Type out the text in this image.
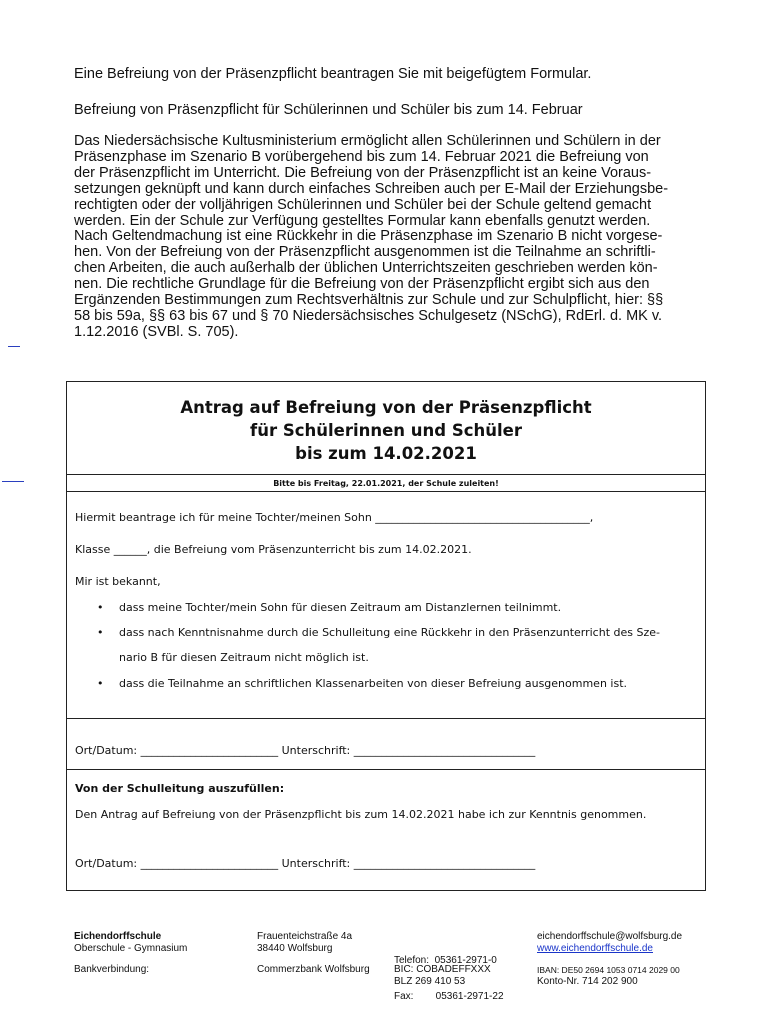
Eine Befreiung von der Präsenzpflicht beantragen Sie mit beigefügtem Formular.
Befreiung von Präsenzpflicht für Schülerinnen und Schüler bis zum 14. Februar
Das Niedersächsische Kultusministerium ermöglicht allen Schülerinnen und Schülern in der
Präsenzphase im Szenario B vorübergehend bis zum 14. Februar 2021 die Befreiung von
der Präsenzpflicht im Unterricht. Die Befreiung von der Präsenzpflicht ist an keine Voraus-
setzungen geknüpft und kann durch einfaches Schreiben auch per E-Mail der Erziehungsbe-
rechtigten oder der volljährigen Schülerinnen und Schüler bei der Schule geltend gemacht
werden. Ein der Schule zur Verfügung gestelltes Formular kann ebenfalls genutzt werden.
Nach Geltendmachung ist eine Rückkehr in die Präsenzphase im Szenario B nicht vorgese-
hen. Von der Befreiung von der Präsenzpflicht ausgenommen ist die Teilnahme an schriftli-
chen Arbeiten, die auch außerhalb der üblichen Unterrichtszeiten geschrieben werden kön-
nen. Die rechtliche Grundlage für die Befreiung von der Präsenzpflicht ergibt sich aus den
Ergänzenden Bestimmungen zum Rechtsverhältnis zur Schule und zur Schulpflicht, hier: §§
58 bis 59a, §§ 63 bis 67 und § 70 Niedersächsisches Schulgesetz (NSchG), RdErl. d. MK v.
1.12.2016 (SVBl. S. 705).
Antrag auf Befreiung von der Präsenzpflicht
für Schülerinnen und Schüler
bis zum 14.02.2021
Bitte bis Freitag, 22.01.2021, der Schule zuleiten!
Hiermit beantrage ich für meine Tochter/meinen Sohn _______________________________________,
Klasse ______, die Befreiung vom Präsenzunterricht bis zum 14.02.2021.
Mir ist bekannt,
• dass meine Tochter/mein Sohn für diesen Zeitraum am Distanzlernen teilnimmt.
• dass nach Kenntnisnahme durch die Schulleitung eine Rückkehr in den Präsenzunterricht des Sze-
nario B für diesen Zeitraum nicht möglich ist.
• dass die Teilnahme an schriftlichen Klassenarbeiten von dieser Befreiung ausgenommen ist.
Ort/Datum: _________________________ Unterschrift: _________________________________
Von der Schulleitung auszufüllen:
Den Antrag auf Befreiung von der Präsenzpflicht bis zum 14.02.2021 habe ich zur Kenntnis genommen.
Ort/Datum: _________________________ Unterschrift: _________________________________
Eichendorffschule
Oberschule - Gymnasium
Frauenteichstraße 4a
38440 Wolfsburg

Telefon:  05361-2971-0

Fax:        05361-2971-22

eichendorffschule@wolfsburg.de
www.eichendorffschule.de
Bankverbindung:	Commerzbank Wolfsburg BIC: COBADEFFXXX
BLZ 269 410 53
IBAN: DE50 2694 1053 0714 2029 00
Konto-Nr. 714 202 900
